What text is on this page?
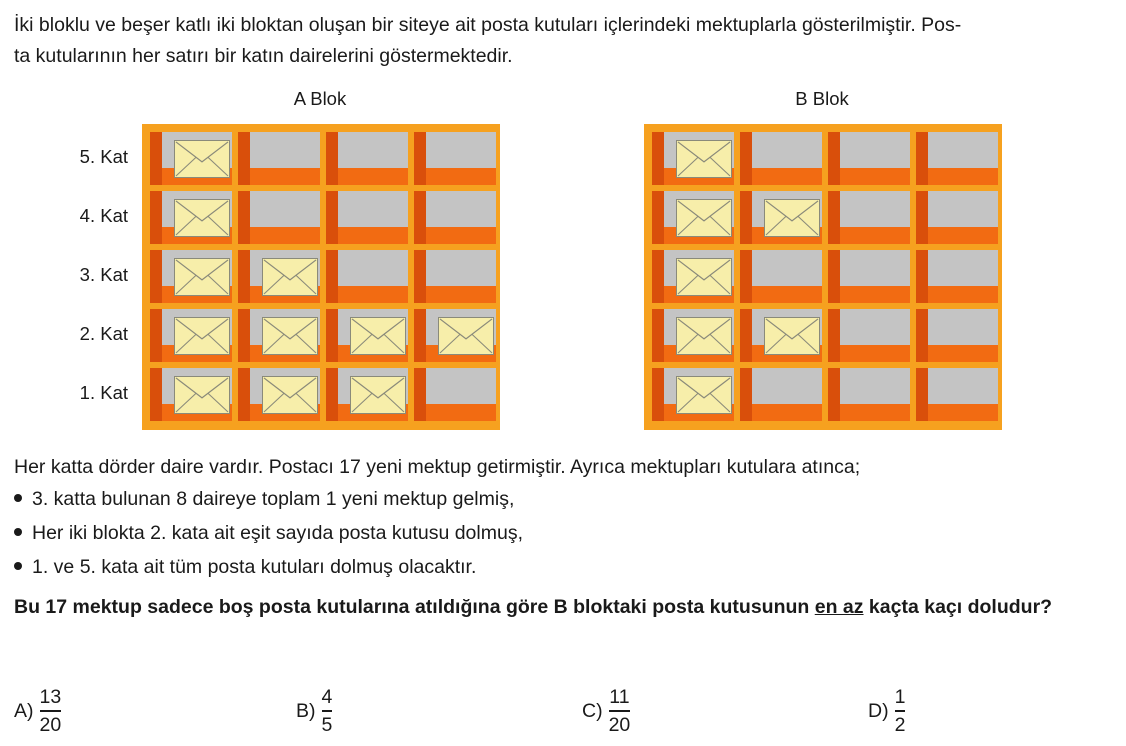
İki bloklu ve beşer katlı iki bloktan oluşan bir siteye ait posta kutuları içlerindeki mektuplarla gösterilmiştir. Pos-
ta kutularının her satırı bir katın dairelerini göstermektedir.
A Blok	B Blok
5. Kat
4. Kat
3. Kat
2. Kat
1. Kat

Her katta dörder daire vardır. Postacı 17 yeni mektup getirmiştir. Ayrıca mektupları kutulara atınca;

3. katta bulunan 8 daireye toplam 1 yeni mektup gelmiş,
Her iki blokta 2. kata ait eşit sayıda posta kutusu dolmuş,
1. ve 5. kata ait tüm posta kutuları dolmuş olacaktır.

Bu 17 mektup sadece boş posta kutularına atıldığına göre B bloktaki posta kutusunun en az kaçta kaçı doludur?

$A) \frac{13}{20}$	$B) \frac{4}{5}$	$C) \frac{11}{20}$	$D) \frac{1}{2}$
